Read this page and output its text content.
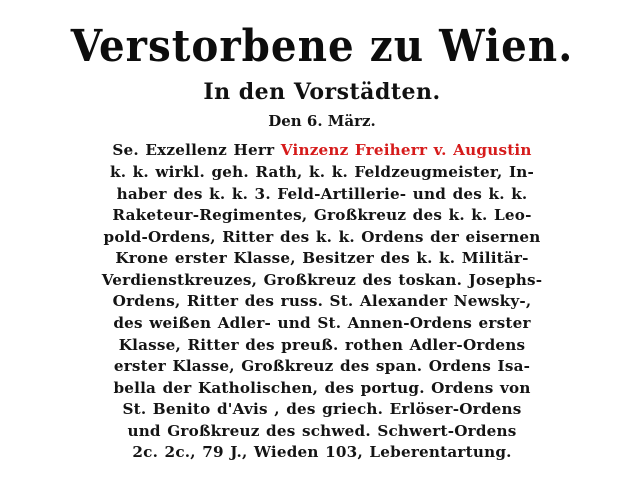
Verstorbene zu Wien.
In den Vorstädten.
Den 6. März.
Se. Exzellenz Herr Vinzenz Freiherr v. Augustin
k. k. wirkl. geh. Rath, k. k. Feldzeugmeister, In-
haber des k. k. 3. Feld-Artillerie- und des k. k.
Raketeur-Regimentes, Großkreuz des k. k. Leo-
pold-Ordens, Ritter des k. k. Ordens der eisernen
Krone erster Klasse, Besitzer des k. k. Militär-
Verdienstkreuzes, Großkreuz des toskan. Josephs-
Ordens, Ritter des russ. St. Alexander Newsky-,
des weißen Adler- und St. Annen-Ordens erster
Klasse, Ritter des preuß. rothen Adler-Ordens
erster Klasse, Großkreuz des span. Ordens Isa-
bella der Katholischen, des portug. Ordens von
St. Benito d'Avis , des griech. Erlöser-Ordens
und Großkreuz des schwed. Schwert-Ordens
2c. 2c., 79 J., Wieden 103, Leberentartung.
